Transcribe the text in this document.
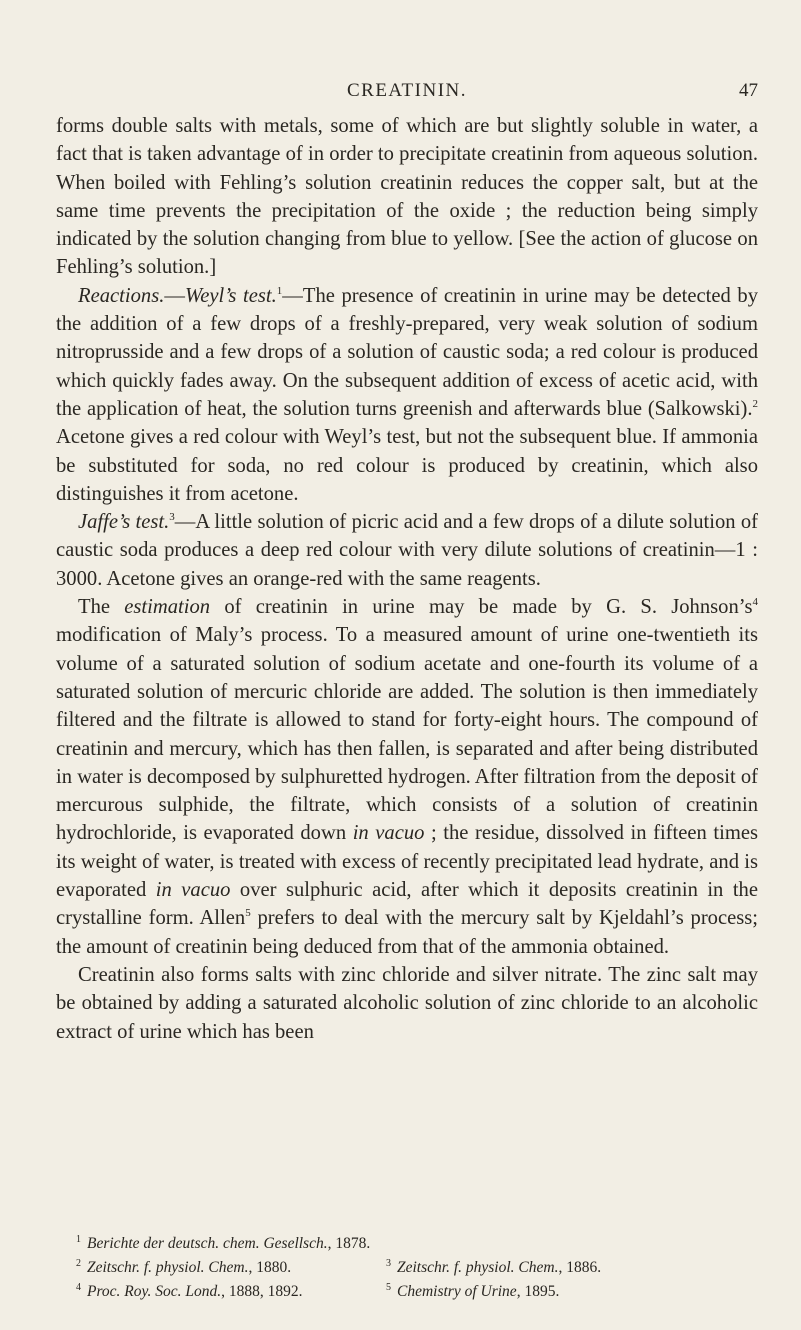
CREATININ.	47

forms double salts with metals, some of which are but slightly soluble in water, a fact that is taken advantage of in order to precipitate creatinin from aqueous solution. When boiled with Fehling’s solution creatinin reduces the copper salt, but at the same time prevents the precipitation of the oxide ; the reduction being simply indicated by the solution changing from blue to yellow. [See the action of glucose on Fehling’s solution.]

Reactions.—Weyl’s test.$^1$—The presence of creatinin in urine may be detected by the addition of a few drops of a freshly-prepared, very weak solution of sodium nitroprusside and a few drops of a solution of caustic soda; a red colour is produced which quickly fades away. On the subsequent addition of excess of acetic acid, with the application of heat, the solution turns greenish and afterwards blue (Salkowski).$^2$ Acetone gives a red colour with Weyl’s test, but not the subsequent blue. If ammonia be substituted for soda, no red colour is produced by creatinin, which also distinguishes it from acetone.

Jaffe’s test.$^3$—A little solution of picric acid and a few drops of a dilute solution of caustic soda produces a deep red colour with very dilute solutions of creatinin—1 : 3000. Acetone gives an orange-red with the same reagents.

The estimation of creatinin in urine may be made by G. S. $Johnson’s^4$ modification of Maly’s process. To a measured amount of urine one-twentieth its volume of a saturated solution of sodium acetate and one-fourth its volume of a saturated solution of mercuric chloride are added. The solution is then immediately filtered and the filtrate is allowed to stand for forty-eight hours. The compound of creatinin and mercury, which has then fallen, is separated and after being distributed in water is decomposed by sulphuretted hydrogen. After filtration from the deposit of mercurous sulphide, the filtrate, which consists of a solution of creatinin hydrochloride, is evaporated down in vacuo ; the residue, dissolved in fifteen times its weight of water, is treated with excess of recently precipitated lead hydrate, and is evaporated in vacuo over sulphuric acid, after which it deposits creatinin in the crystalline form. Allen$^5$ prefers to deal with the mercury salt by Kjeldahl’s process; the amount of creatinin being deduced from that of the ammonia obtained.

Creatinin also forms salts with zinc chloride and silver nitrate. The zinc salt may be obtained by adding a saturated alcoholic solution of zinc chloride to an alcoholic extract of urine which has been

$^1$ Berichte der deutsch. chem. Gesellsch., 1878.
$^2$ Zeitschr. f. physiol. Chem., 1880.	$^3$ Zeitschr. f. physiol. Chem., 1886.
$^4$ Proc. Roy. Soc. Lond., 1888, 1892.	$^5$ Chemistry of Urine, 1895.
